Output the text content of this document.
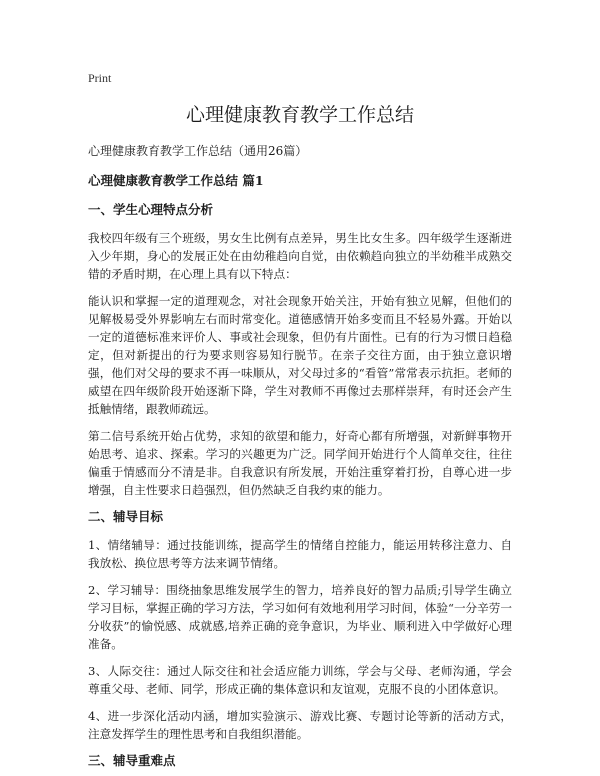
Print
心理健康教育教学工作总结

心理健康教育教学工作总结（通用26篇）

心理健康教育教学工作总结 篇1
一、学生心理特点分析

我校四年级有三个班级，男女生比例有点差异，男生比女生多。四年级学生逐渐进入少年期，身心的发展正处在由幼稚趋向自觉，由依赖趋向独立的半幼稚半成熟交错的矛盾时期，在心理上具有以下特点：

能认识和掌握一定的道理观念，对社会现象开始关注，开始有独立见解，但他们的见解极易受外界影响左右而时常变化。道德感情开始多变而且不轻易外露。开始以一定的道德标准来评价人、事或社会现象，但仍有片面性。已有的行为习惯日趋稳定，但对新提出的行为要求则容易知行脱节。在亲子交往方面，由于独立意识增强，他们对父母的要求不再一味顺从，对父母过多的“看管”常常表示抗拒。老师的威望在四年级阶段开始逐渐下降，学生对教师不再像过去那样崇拜，有时还会产生抵触情绪，跟教师疏远。

第二信号系统开始占优势，求知的欲望和能力，好奇心都有所增强，对新鲜事物开始思考、追求、探索。学习的兴趣更为广泛。同学间开始进行个人简单交往，往往偏重于情感而分不清是非。自我意识有所发展，开始注重穿着打扮，自尊心进一步增强，自主性要求日趋强烈，但仍然缺乏自我约束的能力。

二、辅导目标

1、情绪辅导：通过技能训练，提高学生的情绪自控能力，能运用转移注意力、自我放松、换位思考等方法来调节情绪。

2、学习辅导：围绕抽象思维发展学生的智力，培养良好的智力品质;引导学生确立学习目标，掌握正确的学习方法，学习如何有效地利用学习时间，体验“一分辛劳一分收获”的愉悦感、成就感,培养正确的竞争意识，为毕业、顺利进入中学做好心理准备。

3、人际交往：通过人际交往和社会适应能力训练，学会与父母、老师沟通，学会尊重父母、老师、同学，形成正确的集体意识和友谊观，克服不良的小团体意识。

4、进一步深化活动内涵，增加实验演示、游戏比赛、专题讨论等新的活动方式，注意发挥学生的理性思考和自我组织潜能。

三、辅导重难点
